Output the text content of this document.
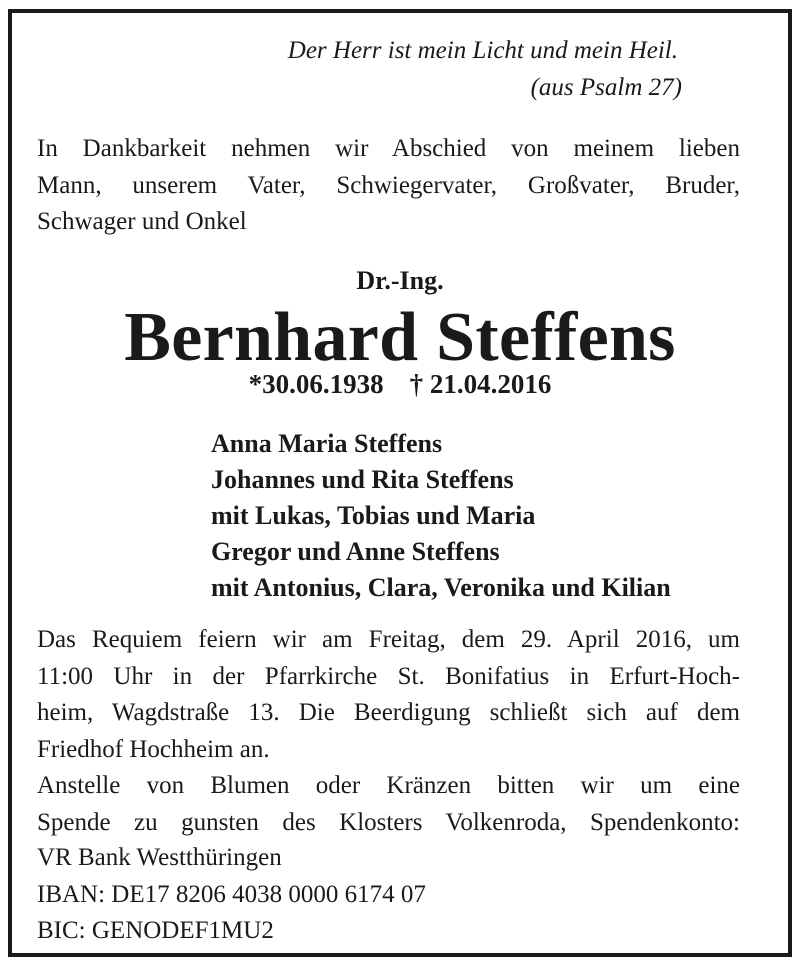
Der Herr ist mein Licht und mein Heil.
(aus Psalm 27)
In Dankbarkeit nehmen wir Abschied von meinem lieben
Mann, unserem Vater, Schwiegervater, Großvater, Bruder,
Schwager und Onkel
Dr.-Ing.
Bernhard Steffens
*30.06.1938 † 21.04.2016
Anna Maria Steffens
Johannes und Rita Steffens
mit Lukas, Tobias und Maria
Gregor und Anne Steffens
mit Antonius, Clara, Veronika und Kilian
Das Requiem feiern wir am Freitag, dem 29. April 2016, um
11:00 Uhr in der Pfarrkirche St. Bonifatius in Erfurt-Hoch-
heim, Wagdstraße 13. Die Beerdigung schließt sich auf dem
Friedhof Hochheim an.
Anstelle von Blumen oder Kränzen bitten wir um eine
Spende zu gunsten des Klosters Volkenroda, Spendenkonto:
VR Bank Westthüringen
IBAN: DE17 8206 4038 0000 6174 07
BIC: GENODEF1MU2
